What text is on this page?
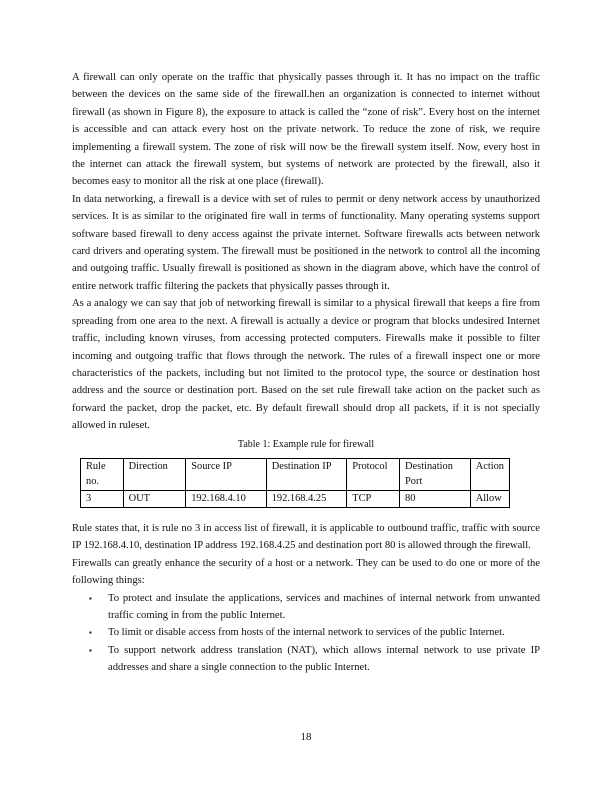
A firewall can only operate on the traffic that physically passes through it. It has no impact on the traffic between the devices on the same side of the firewall.hen an organization is connected to internet without firewall (as shown in Figure 8), the exposure to attack is called the “zone of risk”. Every host on the internet is accessible and can attack every host on the private network. To reduce the zone of risk, we require implementing a firewall system. The zone of risk will now be the firewall system itself. Now, every host in the internet can attack the firewall system, but systems of network are protected by the firewall, also it becomes easy to monitor all the risk at one place (firewall).

In data networking, a firewall is a device with set of rules to permit or deny network access by unauthorized services. It is as similar to the originated fire wall in terms of functionality. Many operating systems support software based firewall to deny access against the private internet. Software firewalls acts between network card drivers and operating system. The firewall must be positioned in the network to control all the incoming and outgoing traffic. Usually firewall is positioned as shown in the diagram above, which have the control of entire network traffic filtering the packets that physically passes through it.

As a analogy we can say that job of networking firewall is similar to a physical firewall that keeps a fire from spreading from one area to the next. A firewall is actually a device or program that blocks undesired Internet traffic, including known viruses, from accessing protected computers. Firewalls make it possible to filter incoming and outgoing traffic that flows through the network. The rules of a firewall inspect one or more characteristics of the packets, including but not limited to the protocol type, the source or destination host address and the source or destination port. Based on the set rule firewall take action on the packet such as forward the packet, drop the packet, etc. By default firewall should drop all packets, if it is not specially allowed in ruleset.

Table 1: Example rule for firewall
Rule no.	Direction	Source IP	Destination IP	Protocol	Destination Port	Action
3	OUT	192.168.4.10	192.168.4.25	TCP	80	Allow

Rule states that, it is rule no 3 in access list of firewall, it is applicable to outbound traffic, traffic with source IP 192.168.4.10, destination IP address 192.168.4.25 and destination port 80 is allowed through the firewall.

Firewalls can greatly enhance the security of a host or a network. They can be used to do one or more of the following things:

▪ To protect and insulate the applications, services and machines of internal network from unwanted traffic coming in from the public Internet.
▪ To limit or disable access from hosts of the internal network to services of the public Internet.
▪ To support network address translation (NAT), which allows internal network to use private IP addresses and share a single connection to the public Internet.
18
